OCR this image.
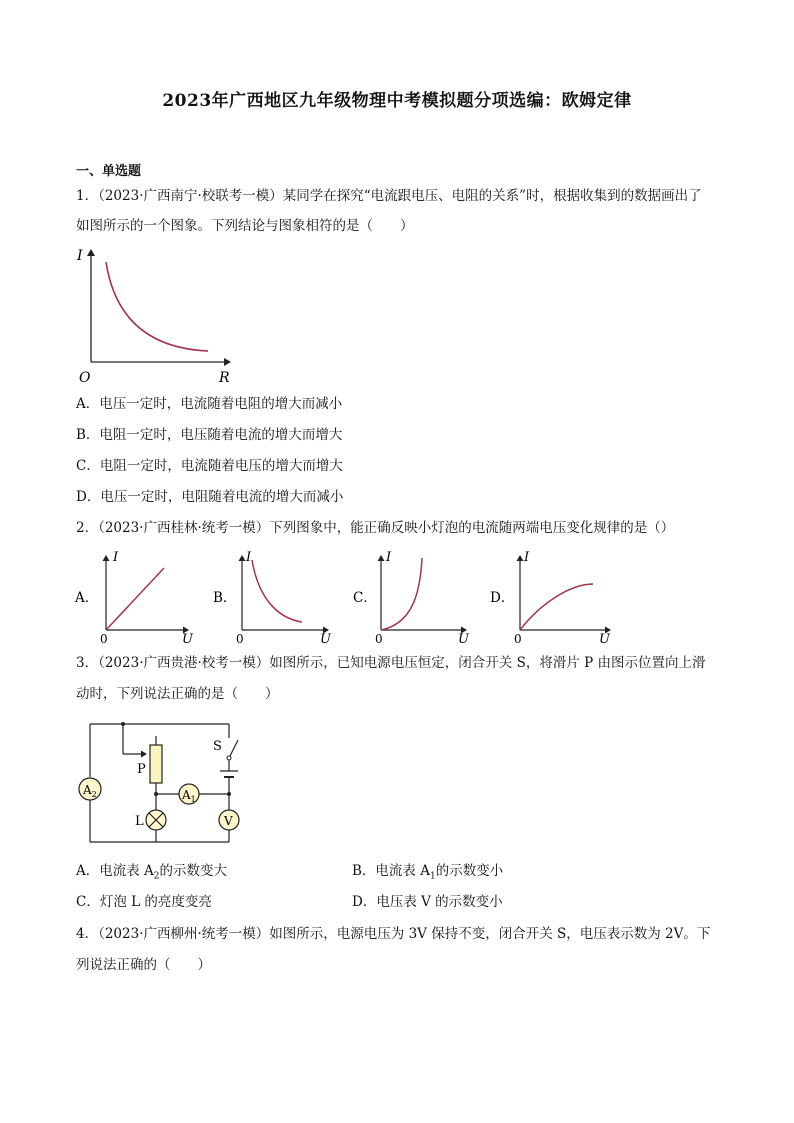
2023年广西地区九年级物理中考模拟题分项选编：欧姆定律
一、单选题
1．（2023·广西南宁·校联考一模）某同学在探究“电流跟电压、电阻的关系”时，根据收集到的数据画出了
如图所示的一个图象。下列结论与图象相符的是（　　）
I
O	R
A．电压一定时，电流随着电阻的增大而减小
B．电阻一定时，电压随着电流的增大而增大
C．电阻一定时，电流随着电压的增大而增大
D．电压一定时，电阻随着电流的增大而减小
2．（2023·广西桂林·统考一模）下列图象中，能正确反映小灯泡的电流随两端电压变化规律的是（）
A．
I
0	U
B．
I
0	U
C．
I
0	U
D．
I
0	U
3．（2023·广西贵港·校考一模）如图所示，已知电源电压恒定，闭合开关 S，将滑片 P 由图示位置向上滑
动时，下列说法正确的是（　　）
$A_2$	$A_1$
V
S
P
L
A．电流表 $A_2$的示数变大	B．电流表 $A_1$的示数变小
C．灯泡 L 的亮度变亮	D．电压表 V 的示数变小
4．（2023·广西柳州·统考一模）如图所示，电源电压为 3V 保持不变，闭合开关 S，电压表示数为 2V。下
列说法正确的（　　）
